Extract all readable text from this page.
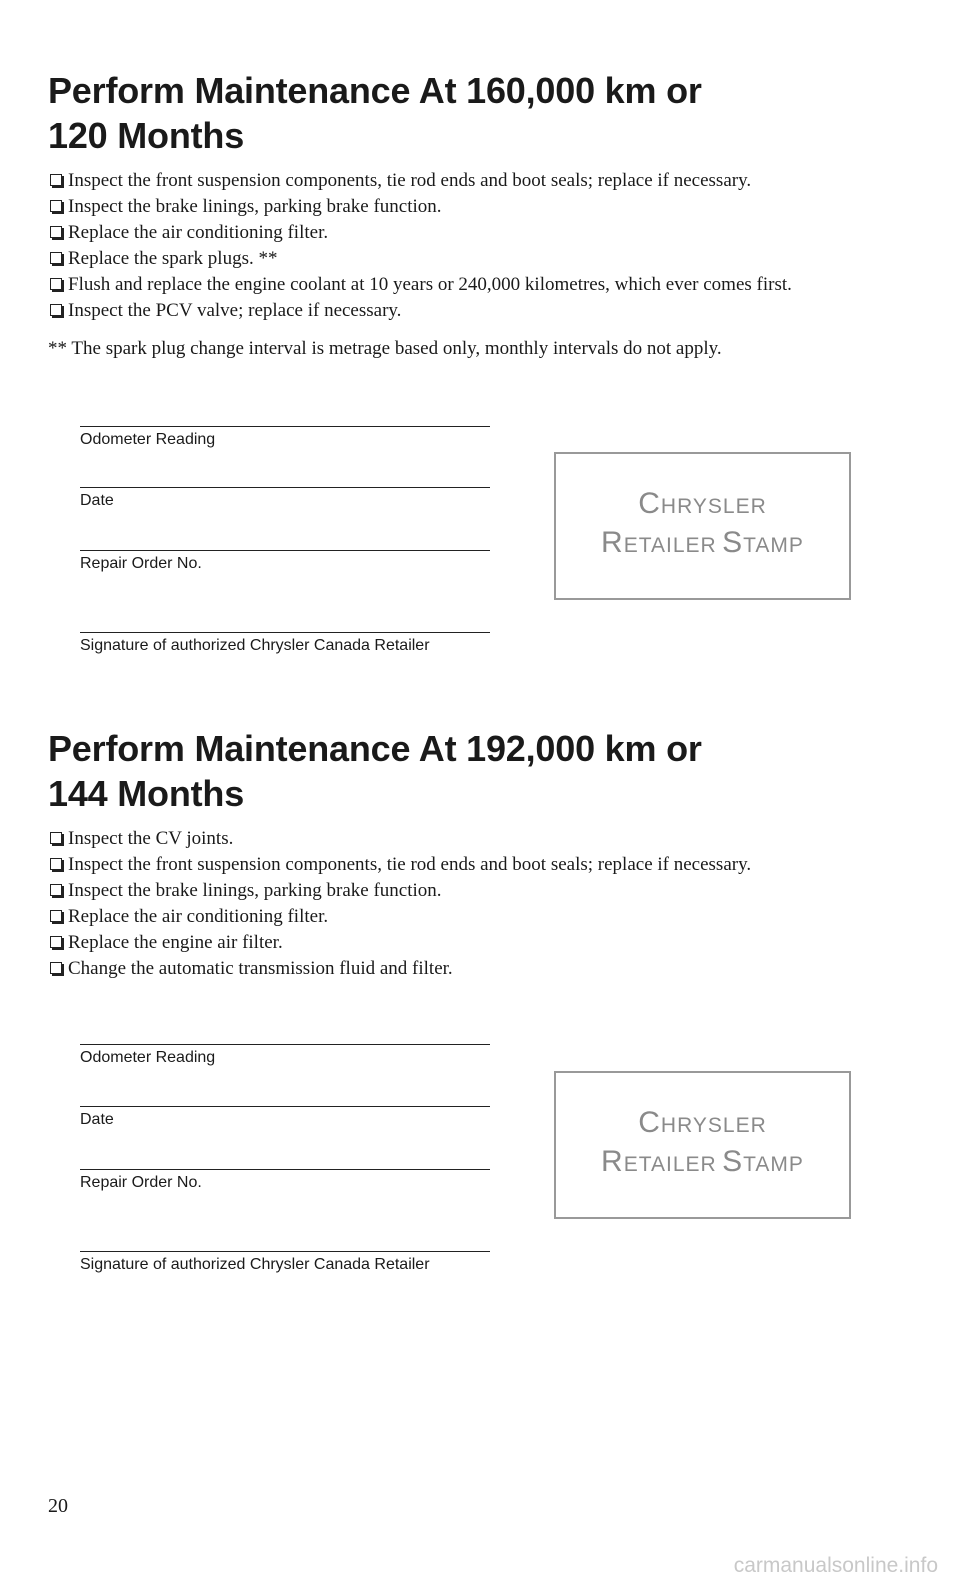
Perform Maintenance At 160,000 km or
120 Months
Inspect the front suspension components, tie rod ends and boot seals; replace if necessary.
Inspect the brake linings, parking brake function.
Replace the air conditioning filter.
Replace the spark plugs. **
Flush and replace the engine coolant at 10 years or 240,000 kilometres, which ever comes first.
Inspect the PCV valve; replace if necessary.
** The spark plug change interval is metrage based only, monthly intervals do not apply.
Odometer Reading
Date
Repair Order No.
Signature of authorized Chrysler Canada Retailer
CHRYSLER
RETAILER STAMP
Perform Maintenance At 192,000 km or
144 Months
Inspect the CV joints.
Inspect the front suspension components, tie rod ends and boot seals; replace if necessary.
Inspect the brake linings, parking brake function.
Replace the air conditioning filter.
Replace the engine air filter.
Change the automatic transmission fluid and filter.
Odometer Reading
Date
Repair Order No.
Signature of authorized Chrysler Canada Retailer
CHRYSLER
RETAILER STAMP
20
carmanualsonline.info
